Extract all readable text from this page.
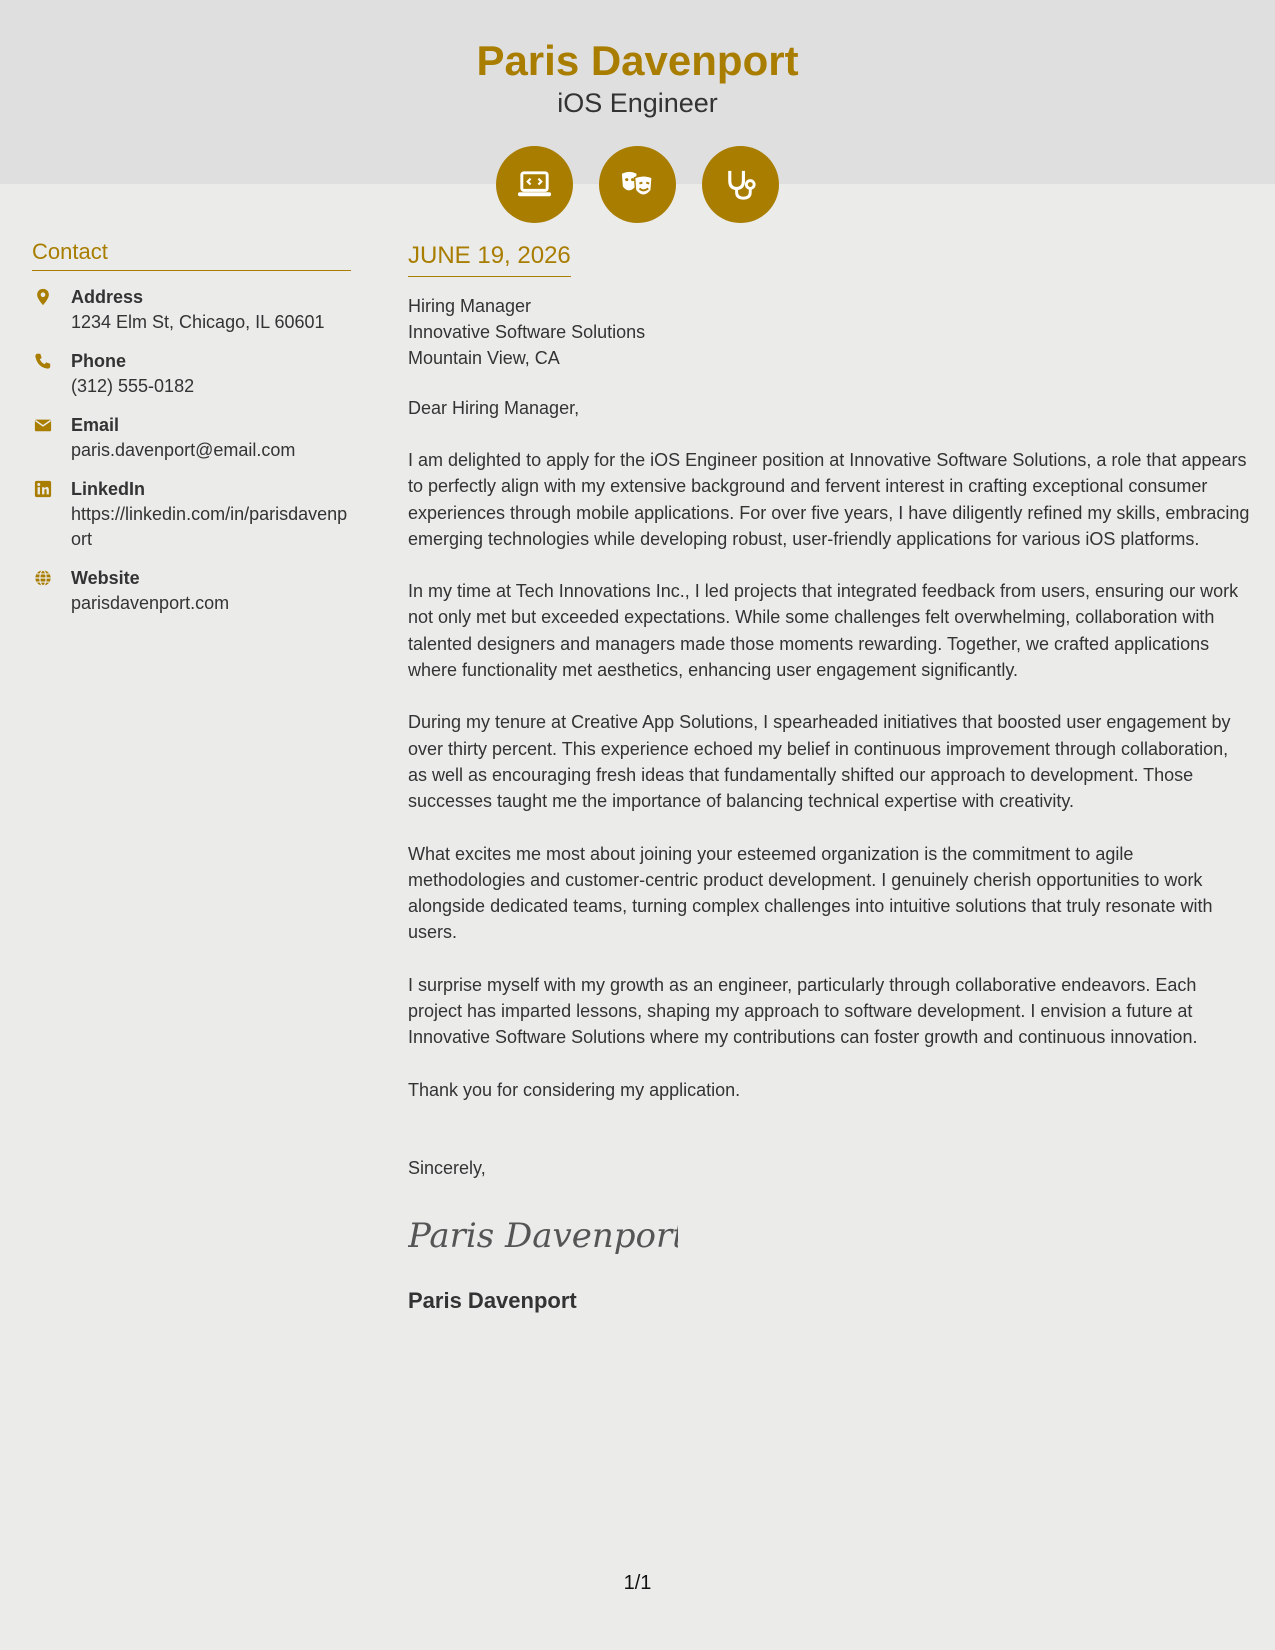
Paris Davenport
iOS Engineer
Contact
Address
1234 Elm St, Chicago, IL 60601
Phone
(312) 555-0182
Email
paris.davenport@email.com
LinkedIn
https://linkedin.com/in/parisdavenport
Website
parisdavenport.com
JUNE 19, 2026
Hiring Manager
Innovative Software Solutions
Mountain View, CA
Dear Hiring Manager,

I am delighted to apply for the iOS Engineer position at Innovative Software Solutions, a role that appears to perfectly align with my extensive background and fervent interest in crafting exceptional consumer experiences through mobile applications. For over five years, I have diligently refined my skills, embracing emerging technologies while developing robust, user-friendly applications for various iOS platforms.

In my time at Tech Innovations Inc., I led projects that integrated feedback from users, ensuring our work not only met but exceeded expectations. While some challenges felt overwhelming, collaboration with talented designers and managers made those moments rewarding. Together, we crafted applications where functionality met aesthetics, enhancing user engagement significantly.

During my tenure at Creative App Solutions, I spearheaded initiatives that boosted user engagement by over thirty percent. This experience echoed my belief in continuous improvement through collaboration, as well as encouraging fresh ideas that fundamentally shifted our approach to development. Those successes taught me the importance of balancing technical expertise with creativity.

What excites me most about joining your esteemed organization is the commitment to agile methodologies and customer-centric product development. I genuinely cherish opportunities to work alongside dedicated teams, turning complex challenges into intuitive solutions that truly resonate with users.

I surprise myself with my growth as an engineer, particularly through collaborative endeavors. Each project has imparted lessons, shaping my approach to software development. I envision a future at Innovative Software Solutions where my contributions can foster growth and continuous innovation.

Thank you for considering my application.

Sincerely,
Paris Davenport
Paris Davenport
1/1
